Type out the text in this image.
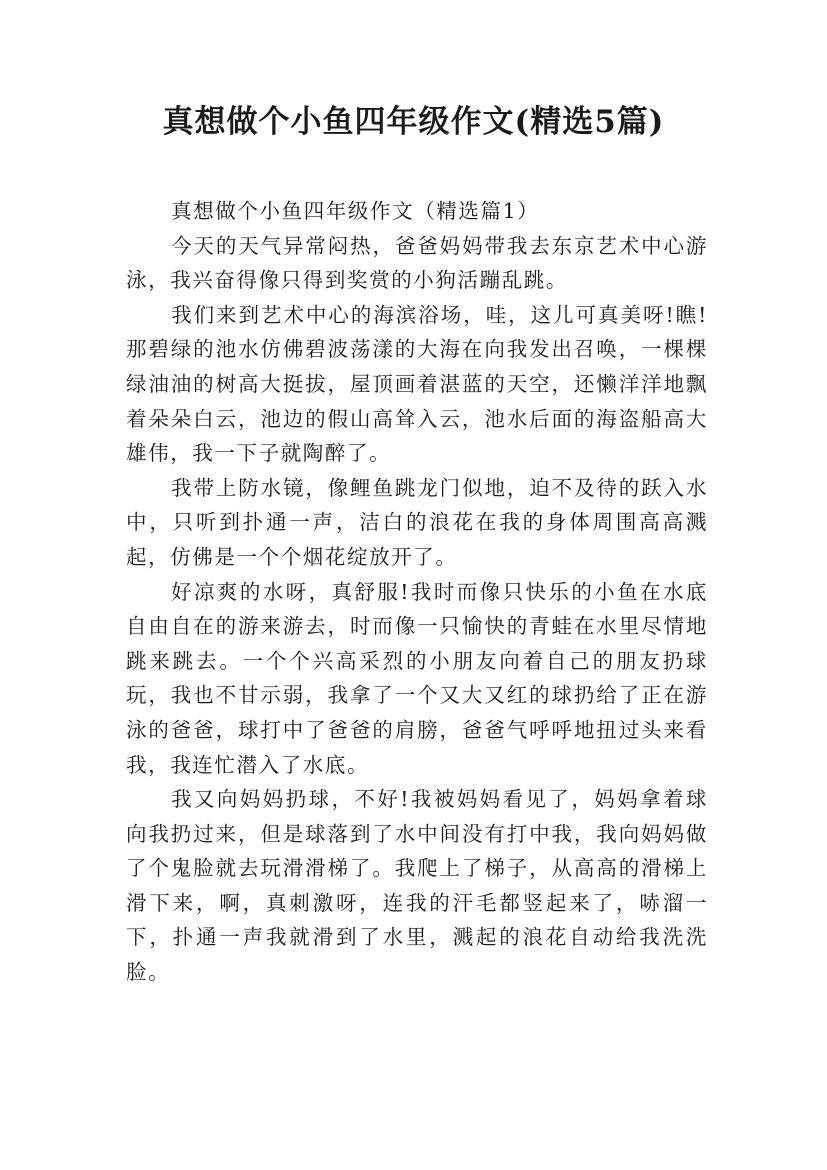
真想做个小鱼四年级作文(精选5篇)

真想做个小鱼四年级作文（精选篇1）

今天的天气异常闷热，爸爸妈妈带我去东京艺术中心游泳，我兴奋得像只得到奖赏的小狗活蹦乱跳。

我们来到艺术中心的海滨浴场，哇，这儿可真美呀!瞧!那碧绿的池水仿佛碧波荡漾的大海在向我发出召唤，一棵棵绿油油的树高大挺拔，屋顶画着湛蓝的天空，还懒洋洋地飘着朵朵白云，池边的假山高耸入云，池水后面的海盗船高大雄伟，我一下子就陶醉了。

我带上防水镜，像鲤鱼跳龙门似地，迫不及待的跃入水中，只听到扑通一声，洁白的浪花在我的身体周围高高溅起，仿佛是一个个烟花绽放开了。

好凉爽的水呀，真舒服!我时而像只快乐的小鱼在水底自由自在的游来游去，时而像一只愉快的青蛙在水里尽情地跳来跳去。一个个兴高采烈的小朋友向着自己的朋友扔球玩，我也不甘示弱，我拿了一个又大又红的球扔给了正在游泳的爸爸，球打中了爸爸的肩膀，爸爸气呼呼地扭过头来看我，我连忙潜入了水底。

我又向妈妈扔球，不好!我被妈妈看见了，妈妈拿着球向我扔过来，但是球落到了水中间没有打中我，我向妈妈做了个鬼脸就去玩滑滑梯了。我爬上了梯子，从高高的滑梯上滑下来，啊，真刺激呀，连我的汗毛都竖起来了，哧溜一下，扑通一声我就滑到了水里，溅起的浪花自动给我洗洗脸。
